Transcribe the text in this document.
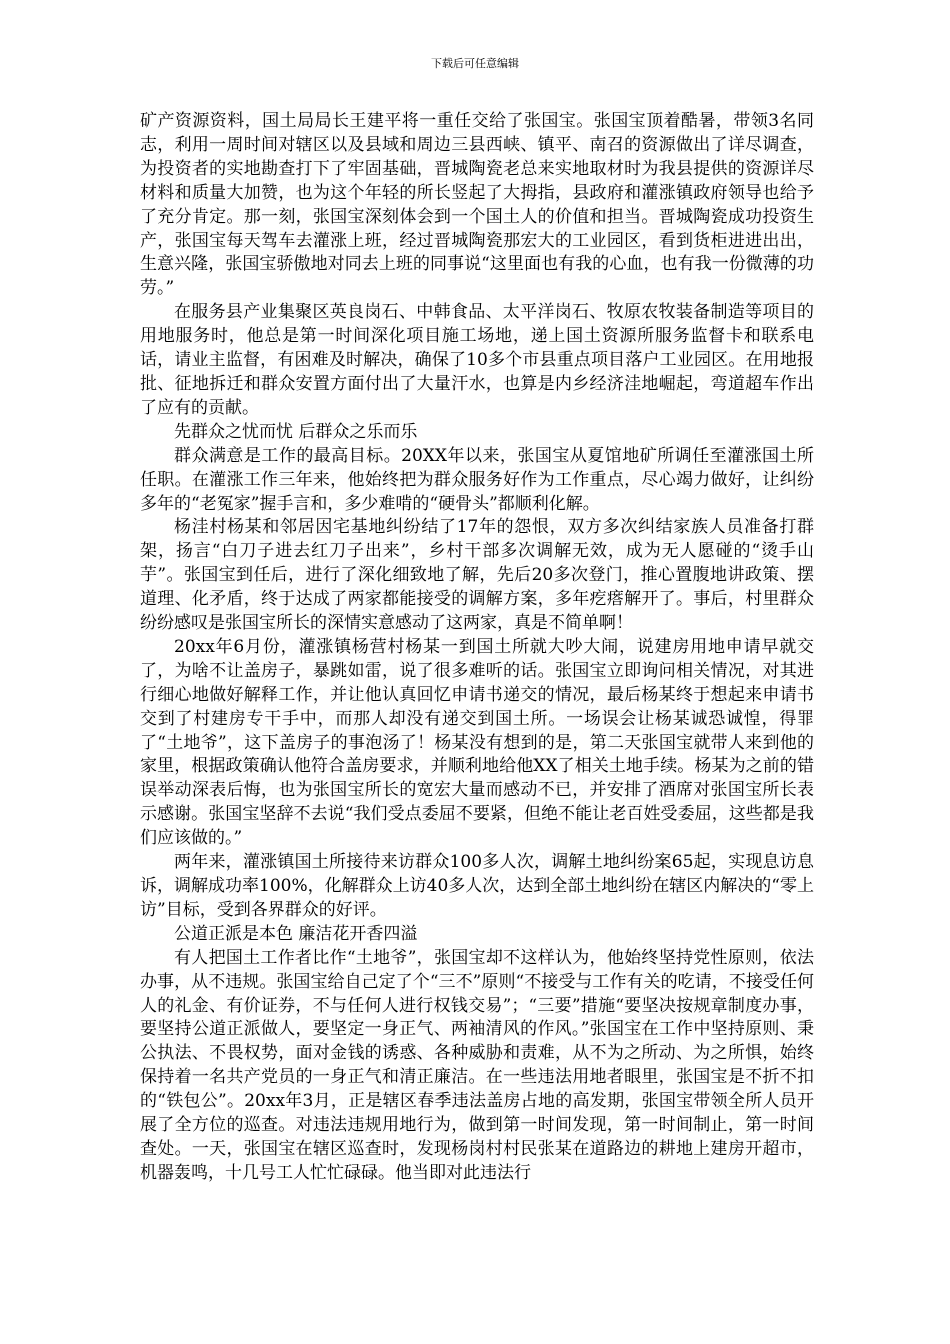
下载后可任意编辑

矿产资源资料，国土局局长王建平将一重任交给了张国宝。张国宝顶着酷暑，带领3名同志，利用一周时间对辖区以及县域和周边三县西峡、镇平、南召的资源做出了详尽调查，为投资者的实地勘查打下了牢固基础，晋城陶瓷老总来实地取材时为我县提供的资源详尽材料和质量大加赞，也为这个年轻的所长竖起了大拇指，县政府和灌涨镇政府领导也给予了充分肯定。那一刻，张国宝深刻体会到一个国土人的价值和担当。晋城陶瓷成功投资生产，张国宝每天驾车去灌涨上班，经过晋城陶瓷那宏大的工业园区，看到货柜进进出出，生意兴隆，张国宝骄傲地对同去上班的同事说“这里面也有我的心血，也有我一份微薄的功劳。”

在服务县产业集聚区英良岗石、中韩食品、太平洋岗石、牧原农牧装备制造等项目的用地服务时，他总是第一时间深化项目施工场地，递上国土资源所服务监督卡和联系电话，请业主监督，有困难及时解决，确保了10多个市县重点项目落户工业园区。在用地报批、征地拆迁和群众安置方面付出了大量汗水，也算是内乡经济洼地崛起，弯道超车作出了应有的贡献。

先群众之忧而忧 后群众之乐而乐

群众满意是工作的最高目标。20XX年以来，张国宝从夏馆地矿所调任至灌涨国土所任职。在灌涨工作三年来，他始终把为群众服务好作为工作重点，尽心竭力做好，让纠纷多年的“老冤家”握手言和，多少难啃的“硬骨头”都顺利化解。

杨洼村杨某和邻居因宅基地纠纷结了17年的怨恨，双方多次纠结家族人员准备打群架，扬言“白刀子进去红刀子出来”，乡村干部多次调解无效，成为无人愿碰的“烫手山芋”。张国宝到任后，进行了深化细致地了解，先后20多次登门，推心置腹地讲政策、摆道理、化矛盾，终于达成了两家都能接受的调解方案，多年疙瘩解开了。事后，村里群众纷纷感叹是张国宝所长的深情实意感动了这两家，真是不简单啊！

20xx年6月份，灌涨镇杨营村杨某一到国土所就大吵大闹，说建房用地申请早就交了，为啥不让盖房子，暴跳如雷，说了很多难听的话。张国宝立即询问相关情况，对其进行细心地做好解释工作，并让他认真回忆申请书递交的情况，最后杨某终于想起来申请书交到了村建房专干手中，而那人却没有递交到国土所。一场误会让杨某诚恐诚惶，得罪了“土地爷”，这下盖房子的事泡汤了！杨某没有想到的是，第二天张国宝就带人来到他的家里，根据政策确认他符合盖房要求，并顺利地给他XX了相关土地手续。杨某为之前的错误举动深表后悔，也为张国宝所长的宽宏大量而感动不已，并安排了酒席对张国宝所长表示感谢。张国宝坚辞不去说“我们受点委屈不要紧，但绝不能让老百姓受委屈，这些都是我们应该做的。”

两年来，灌涨镇国土所接待来访群众100多人次，调解土地纠纷案65起，实现息访息诉，调解成功率100%，化解群众上访40多人次，达到全部土地纠纷在辖区内解决的“零上访”目标，受到各界群众的好评。

公道正派是本色 廉洁花开香四溢

有人把国土工作者比作“土地爷”，张国宝却不这样认为，他始终坚持党性原则，依法办事，从不违规。张国宝给自己定了个“三不”原则“不接受与工作有关的吃请，不接受任何人的礼金、有价证券，不与任何人进行权钱交易”；“三要”措施“要坚决按规章制度办事，要坚持公道正派做人，要坚定一身正气、两袖清风的作风。”张国宝在工作中坚持原则、秉公执法、不畏权势，面对金钱的诱惑、各种威胁和责难，从不为之所动、为之所惧，始终保持着一名共产党员的一身正气和清正廉洁。在一些违法用地者眼里，张国宝是不折不扣的“铁包公”。20xx年3月，正是辖区春季违法盖房占地的高发期，张国宝带领全所人员开展了全方位的巡查。对违法违规用地行为，做到第一时间发现，第一时间制止，第一时间查处。一天，张国宝在辖区巡查时，发现杨岗村村民张某在道路边的耕地上建房开超市，机器轰鸣，十几号工人忙忙碌碌。他当即对此违法行
